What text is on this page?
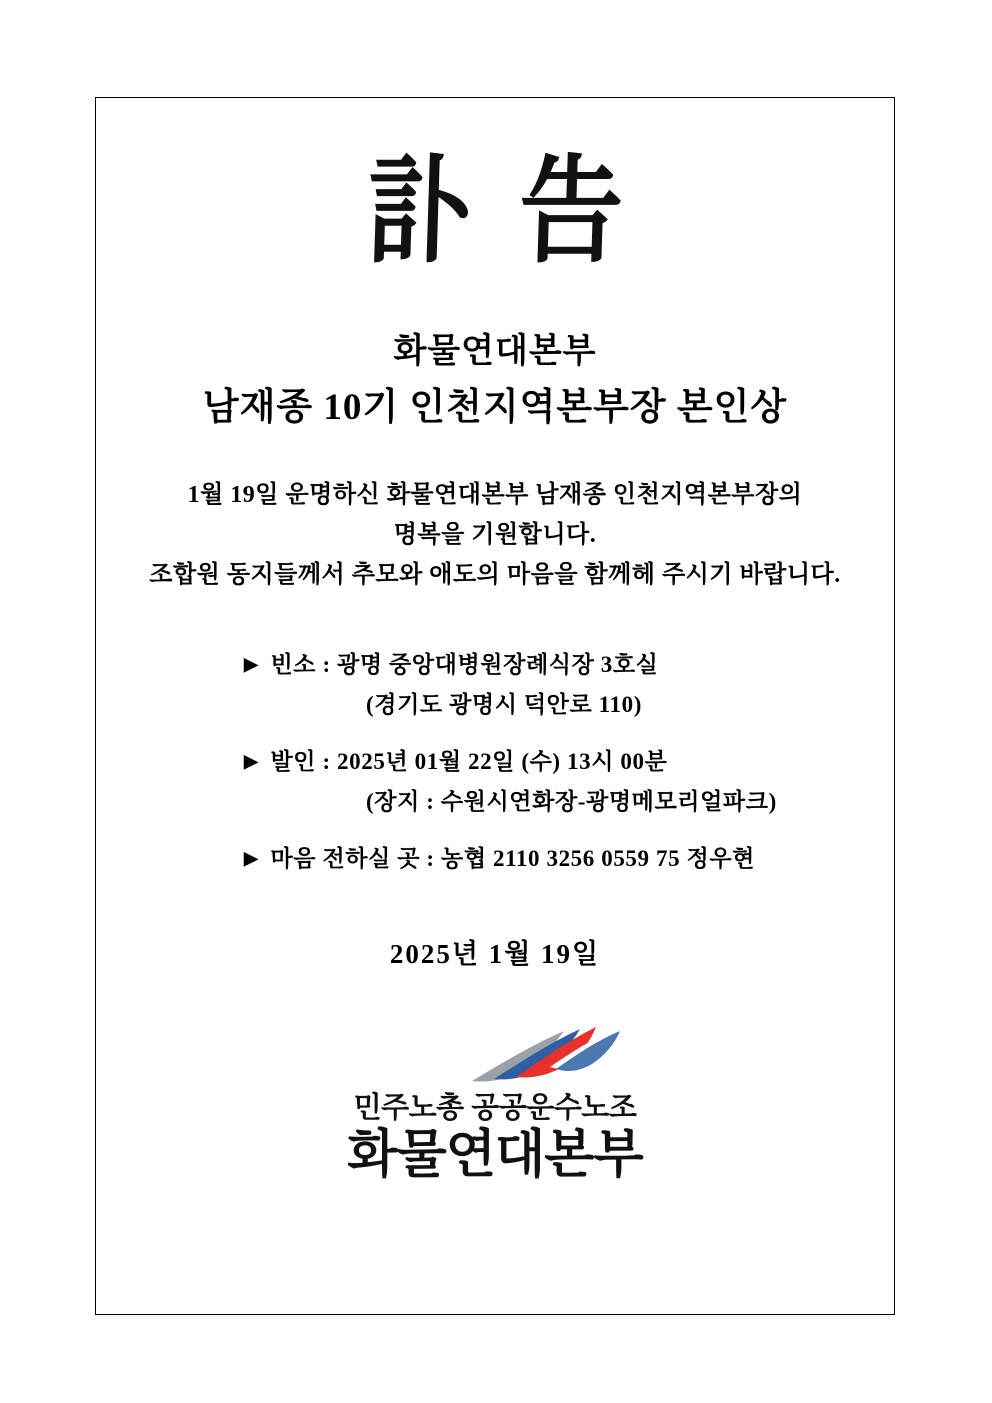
訃告
화물연대본부
남재종 10기 인천지역본부장 본인상
1월 19일 운명하신 화물연대본부 남재종 인천지역본부장의
명복을 기원합니다.
조합원 동지들께서 추모와 애도의 마음을 함께헤 주시기 바랍니다.
▶ 빈소 : 광명 중앙대병원장례식장 3호실
(경기도 광명시 덕안로 110)
▶ 발인 : 2025년 01월 22일 (수) 13시 00분
(장지 : 수원시연화장-광명메모리얼파크)
▶ 마음 전하실 곳 : 농협 2110 3256 0559 75 정우현
2025년 1월 19일
민주노총 공공운수노조
화물연대본부
